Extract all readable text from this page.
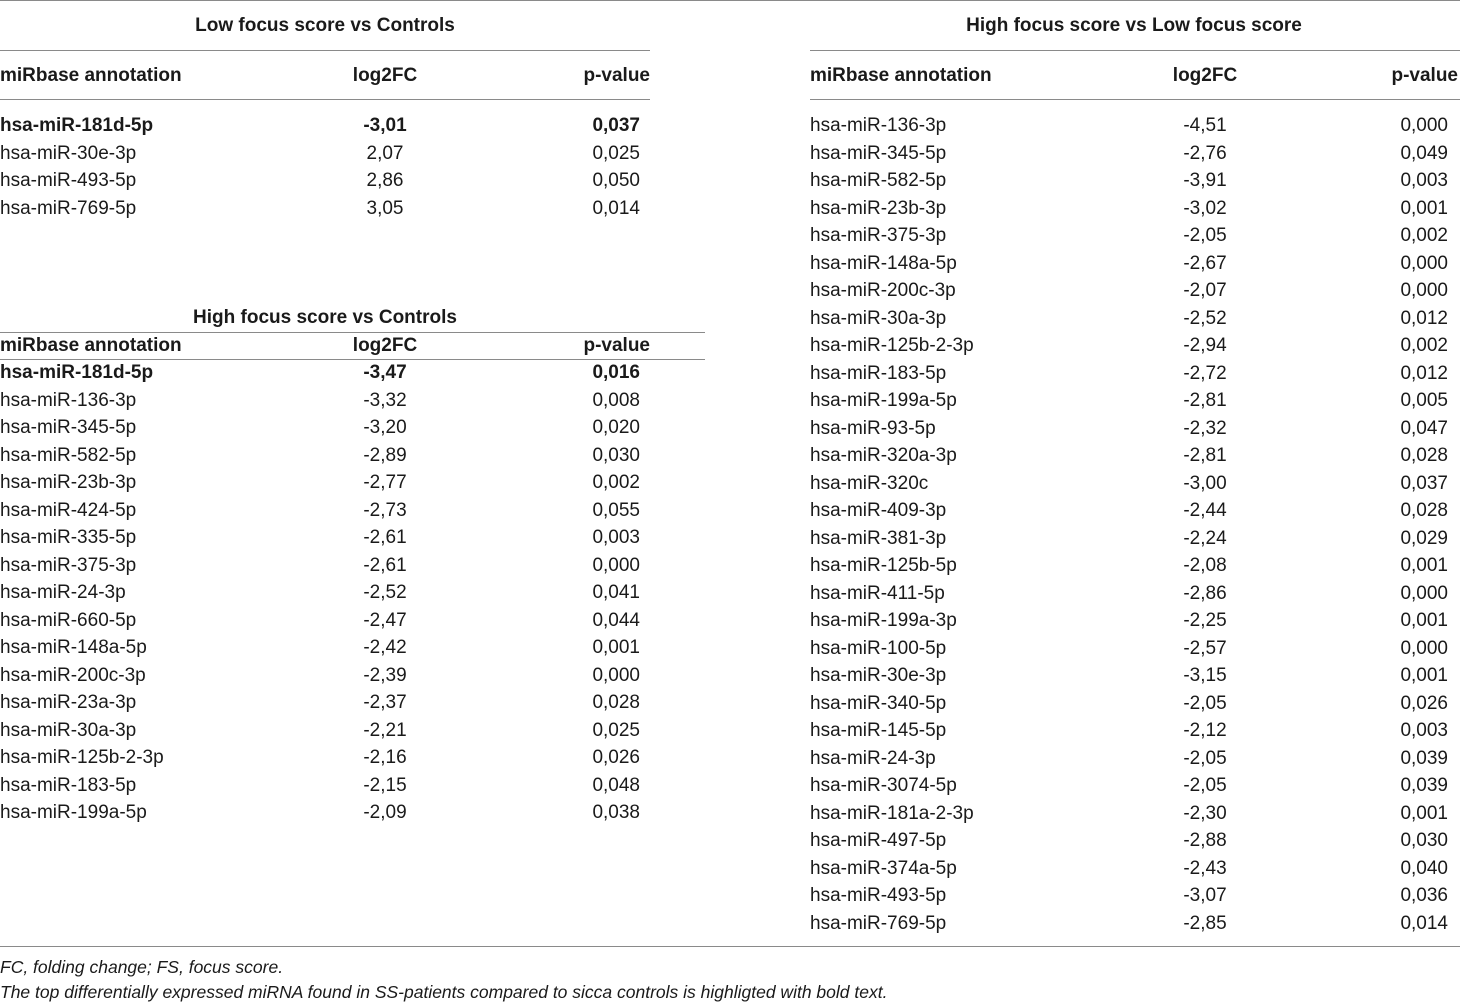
Low focus score vs Controls
miRbase annotation	log2FC	p-value
hsa-miR-181d-5p	-3,01	0,037
hsa-miR-30e-3p	2,07	0,025
hsa-miR-493-5p	2,86	0,050
hsa-miR-769-5p	3,05	0,014
High focus score vs Controls
miRbase annotation	log2FC	p-value
hsa-miR-181d-5p	-3,47	0,016
hsa-miR-136-3p	-3,32	0,008
hsa-miR-345-5p	-3,20	0,020
hsa-miR-582-5p	-2,89	0,030
hsa-miR-23b-3p	-2,77	0,002
hsa-miR-424-5p	-2,73	0,055
hsa-miR-335-5p	-2,61	0,003
hsa-miR-375-3p	-2,61	0,000
hsa-miR-24-3p	-2,52	0,041
hsa-miR-660-5p	-2,47	0,044
hsa-miR-148a-5p	-2,42	0,001
hsa-miR-200c-3p	-2,39	0,000
hsa-miR-23a-3p	-2,37	0,028
hsa-miR-30a-3p	-2,21	0,025
hsa-miR-125b-2-3p	-2,16	0,026
hsa-miR-183-5p	-2,15	0,048
hsa-miR-199a-5p	-2,09	0,038
High focus score vs Low focus score
miRbase annotation	log2FC	p-value
hsa-miR-136-3p	-4,51	0,000
hsa-miR-345-5p	-2,76	0,049
hsa-miR-582-5p	-3,91	0,003
hsa-miR-23b-3p	-3,02	0,001
hsa-miR-375-3p	-2,05	0,002
hsa-miR-148a-5p	-2,67	0,000
hsa-miR-200c-3p	-2,07	0,000
hsa-miR-30a-3p	-2,52	0,012
hsa-miR-125b-2-3p	-2,94	0,002
hsa-miR-183-5p	-2,72	0,012
hsa-miR-199a-5p	-2,81	0,005
hsa-miR-93-5p	-2,32	0,047
hsa-miR-320a-3p	-2,81	0,028
hsa-miR-320c	-3,00	0,037
hsa-miR-409-3p	-2,44	0,028
hsa-miR-381-3p	-2,24	0,029
hsa-miR-125b-5p	-2,08	0,001
hsa-miR-411-5p	-2,86	0,000
hsa-miR-199a-3p	-2,25	0,001
hsa-miR-100-5p	-2,57	0,000
hsa-miR-30e-3p	-3,15	0,001
hsa-miR-340-5p	-2,05	0,026
hsa-miR-145-5p	-2,12	0,003
hsa-miR-24-3p	-2,05	0,039
hsa-miR-3074-5p	-2,05	0,039
hsa-miR-181a-2-3p	-2,30	0,001
hsa-miR-497-5p	-2,88	0,030
hsa-miR-374a-5p	-2,43	0,040
hsa-miR-493-5p	-3,07	0,036
hsa-miR-769-5p	-2,85	0,014
FC, folding change; FS, focus score.
The top differentially expressed miRNA found in SS-patients compared to sicca controls is highligted with bold text.
